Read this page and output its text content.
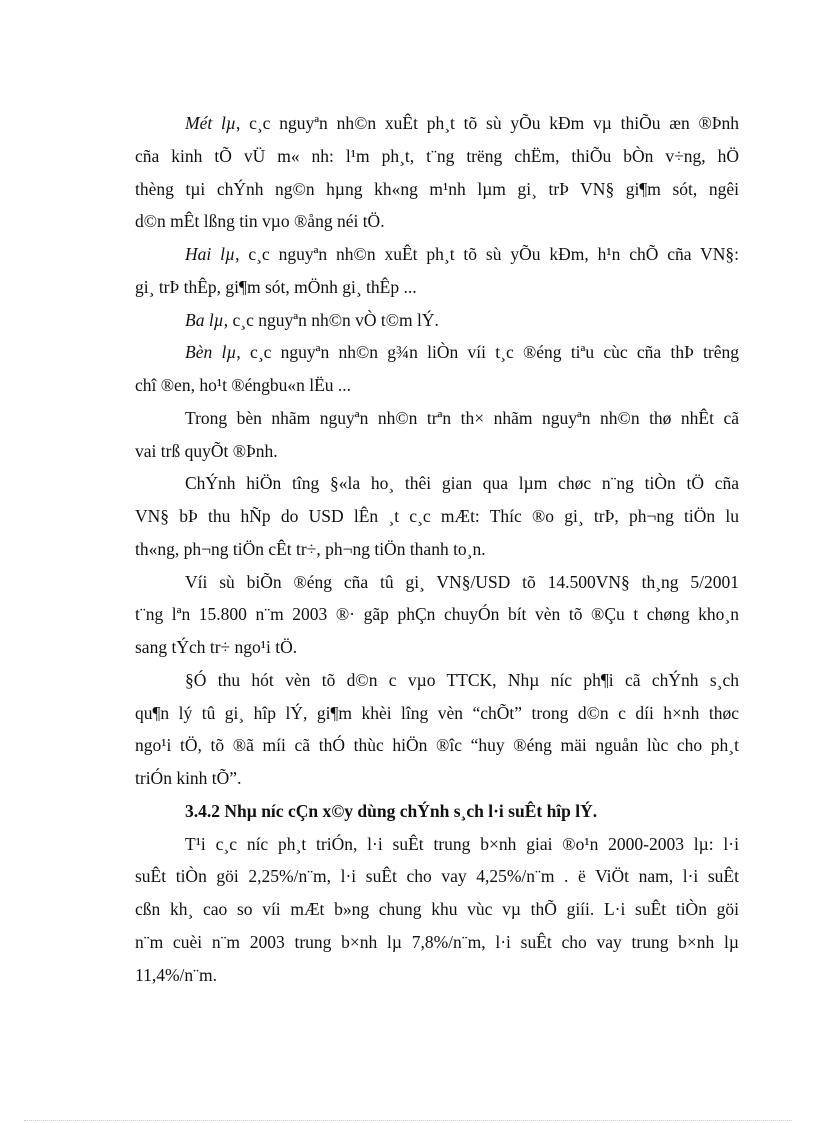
Mét lµ, c¸c nguyªn nh©n xuÊt ph¸t tõ sù yÕu kÐm vµ thiÕu æn ®Þnh
cña kinh tÕ vÜ m« nh: l¹m ph¸t, t¨ng trëng chËm, thiÕu bÒn v÷ng, hÖ
thèng tµi chÝnh ng©n hµng kh«ng m¹nh lµm gi¸ trÞ VN§ gi¶m sót, ngêi
d©n mÊt lßng tin vµo ®ång néi tÖ.
Hai lµ, c¸c nguyªn nh©n xuÊt ph¸t tõ sù yÕu kÐm, h¹n chÕ cña VN§:
gi¸ trÞ thÊp, gi¶m sót, mÖnh gi¸ thÊp ...
Ba lµ, c¸c nguyªn nh©n vÒ t©m lÝ.
Bèn lµ, c¸c nguyªn nh©n g¾n liÒn víi t¸c ®éng tiªu cùc cña thÞ trêng
chî ®en, ho¹t ®éngbu«n lËu ...
Trong bèn nhãm nguyªn nh©n trªn th× nhãm nguyªn nh©n thø nhÊt cã
vai trß quyÕt ®Þnh.
ChÝnh hiÖn tîng §«la ho¸ thêi gian qua lµm chøc n¨ng tiÒn tÖ cña
VN§ bÞ thu hÑp do USD lÊn ¸t c¸c mÆt: Thíc ®o gi¸ trÞ, ph¬ng tiÖn lu
th«ng, ph¬ng tiÖn cÊt tr÷, ph¬ng tiÖn thanh to¸n.
Víi sù biÕn ®éng cña tû gi¸ VN§/USD tõ 14.500VN§ th¸ng 5/2001
t¨ng lªn 15.800 n¨m 2003 ®· gãp phÇn chuyÓn bít vèn tõ ®Çu t chøng kho¸n
sang tÝch tr÷ ngo¹i tÖ.
§Ó thu hót vèn tõ d©n c vµo TTCK, Nhµ níc ph¶i cã chÝnh s¸ch
qu¶n lý tû gi¸ hîp lÝ, gi¶m khèi lîng vèn “chÕt” trong d©n c díi h×nh thøc
ngo¹i tÖ, tõ ®ã míi cã thÓ thùc hiÖn ®îc “huy ®éng mäi nguån lùc cho ph¸t
triÓn kinh tÕ”.
3.4.2 Nhµ níc cÇn x©y dùng chÝnh s¸ch l·i suÊt hîp lÝ.
T¹i c¸c níc ph¸t triÓn, l·i suÊt trung b×nh giai ®o¹n 2000-2003 lµ: l·i
suÊt tiÒn göi 2,25%/n¨m, l·i suÊt cho vay 4,25%/n¨m . ë ViÖt nam, l·i suÊt
cßn kh¸ cao so víi mÆt b»ng chung khu vùc vµ thÕ giíi. L·i suÊt tiÒn göi
n¨m cuèi n¨m 2003 trung b×nh lµ 7,8%/n¨m, l·i suÊt cho vay trung b×nh lµ
11,4%/n¨m.
